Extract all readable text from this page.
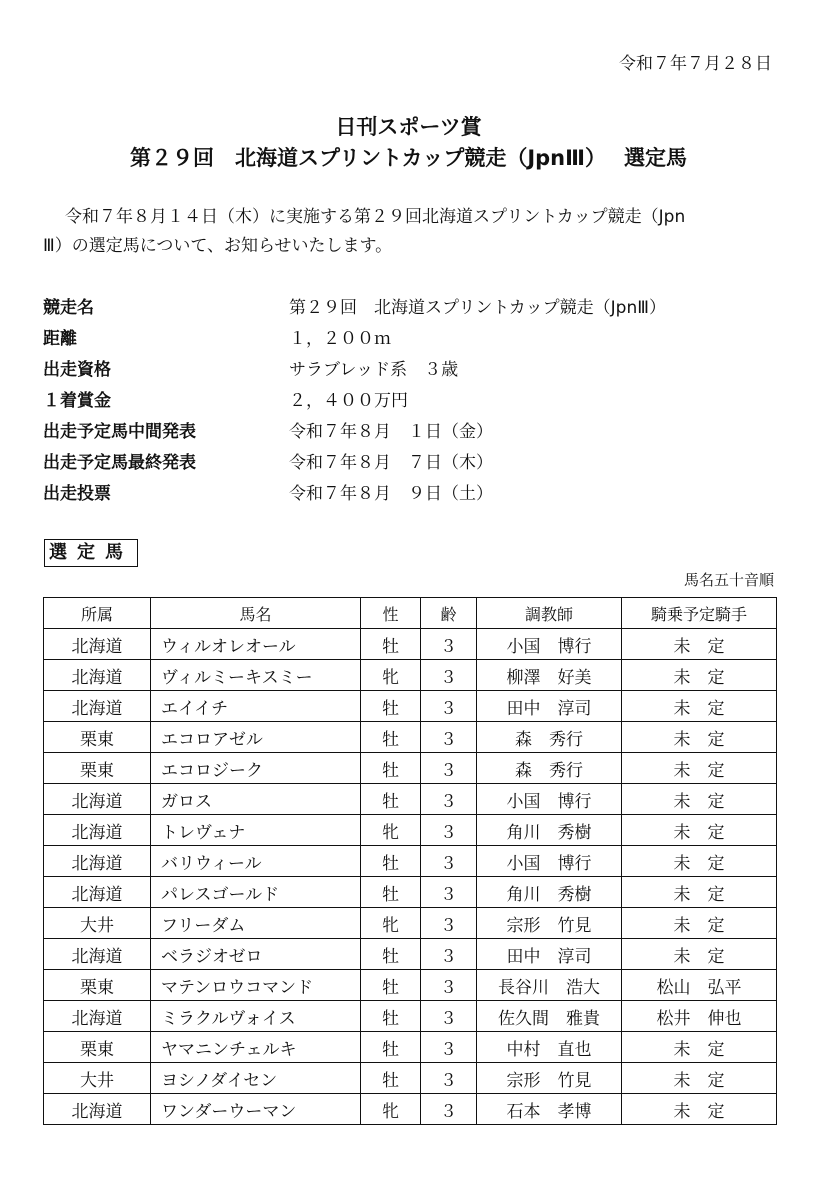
令和７年７月２８日
日刊スポーツ賞
第２９回　北海道スプリントカップ競走（JpnⅢ） 選定馬

令和７年８月１４日（木）に実施する第２９回北海道スプリントカップ競走（Jpn

Ⅲ）の選定馬について、お知らせいたします。

競走名	第２９回　北海道スプリントカップ競走（JpnⅢ）
距離	１，２００ｍ
出走資格	サラブレッド系　３歳
１着賞金	２，４００万円
出走予定馬中間発表	令和７年８月　１日（金）
出走予定馬最終発表	令和７年８月　７日（木）
出走投票	令和７年８月　９日（土）
選定馬
馬名五十音順
所属	馬名	性	齢	調教師	騎乗予定騎手
北海道	ウィルオレオール	牡	３	小国　博行	未　定
北海道	ヴィルミーキスミー	牝	３	柳澤　好美	未　定
北海道	エイイチ	牡	３	田中　淳司	未　定
栗東	エコロアゼル	牡	３	森　秀行	未　定
栗東	エコロジーク	牡	３	森　秀行	未　定
北海道	ガロス	牡	３	小国　博行	未　定
北海道	トレヴェナ	牝	３	角川　秀樹	未　定
北海道	バリウィール	牡	３	小国　博行	未　定
北海道	パレスゴールド	牡	３	角川　秀樹	未　定
大井	フリーダム	牝	３	宗形　竹見	未　定
北海道	ベラジオゼロ	牡	３	田中　淳司	未　定
栗東	マテンロウコマンド	牡	３	長谷川　浩大	松山　弘平
北海道	ミラクルヴォイス	牡	３	佐久間　雅貴	松井　伸也
栗東	ヤマニンチェルキ	牡	３	中村　直也	未　定
大井	ヨシノダイセン	牡	３	宗形　竹見	未　定
北海道	ワンダーウーマン	牝	３	石本　孝博	未　定
